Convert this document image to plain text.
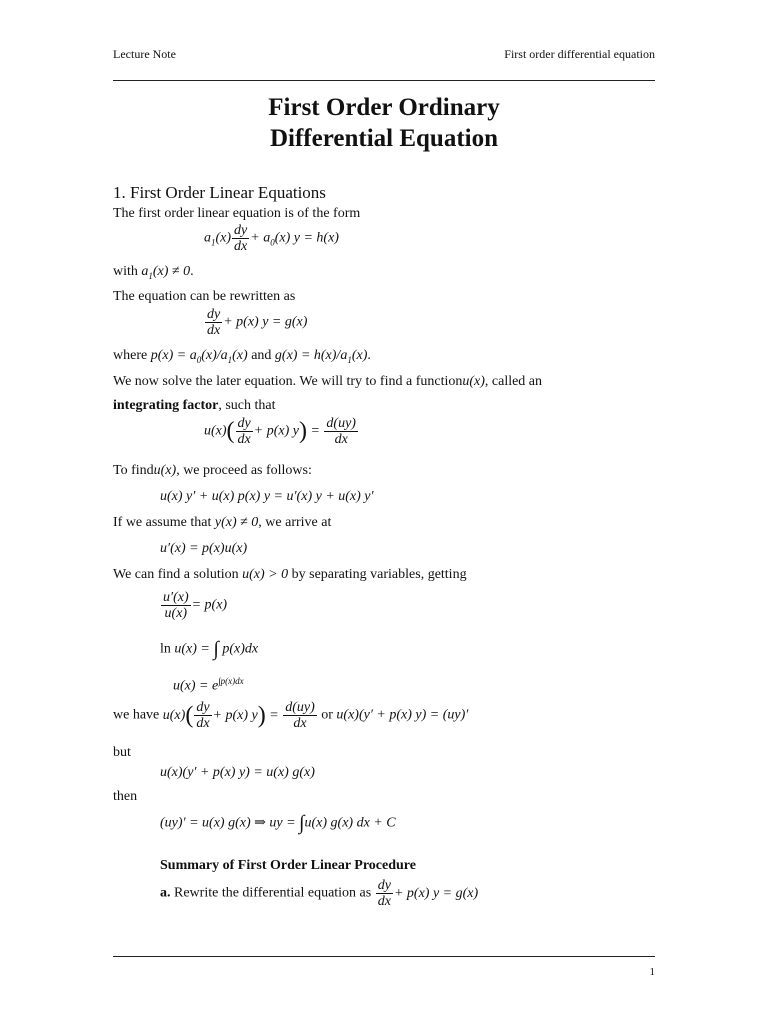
Lecture Note	First order differential equation
First Order Ordinary
Differential Equation
1. First Order Linear Equations
The first order linear equation is of the form
$a_1(x) \frac{dy}{dx} + a_0(x) y = h(x)$
with $a_1(x) \ne 0$.
The equation can be rewritten as
$\frac{dy}{dx} + p(x) y = g(x)$
where $p(x) = a_0(x)/a_1(x)$ and $g(x) = h(x)/a_1(x)$.
We now solve the later equation. We will try to find a functionu(x), called an
integrating factor, such that
$u(x)( \frac{dy}{dx} + p(x) y) = \frac{d(uy)}{dx}$
To findu(x), we proceed as follows:
u(x) y′ + u(x) p(x) y = u′(x) y + u(x) y′
If we assume that y(x) ≠ 0, we arrive at
u′(x) = p(x)u(x)
We can find a solution u(x) > 0 by separating variables, getting
$\frac{u'(x)}{u(x)} = p(x)$
ln u(x) = ∫ p(x)dx
$u(x) = e^{\int p(x)dx}$
we have $u(x)( \frac{dy}{dx} + p(x) y) = \frac{d(uy)}{dx}$ or u(x)(y′ + p(x) y) = (uy)′
but
u(x)(y′ + p(x) y) = u(x) g(x)
then
(uy)′ = u(x) g(x) ⇒ uy = ∫u(x) g(x) dx + C
Summary of First Order Linear Procedure
a. Rewrite the differential equation as $\frac{dy}{dx} + p(x) y = g(x)$
1
